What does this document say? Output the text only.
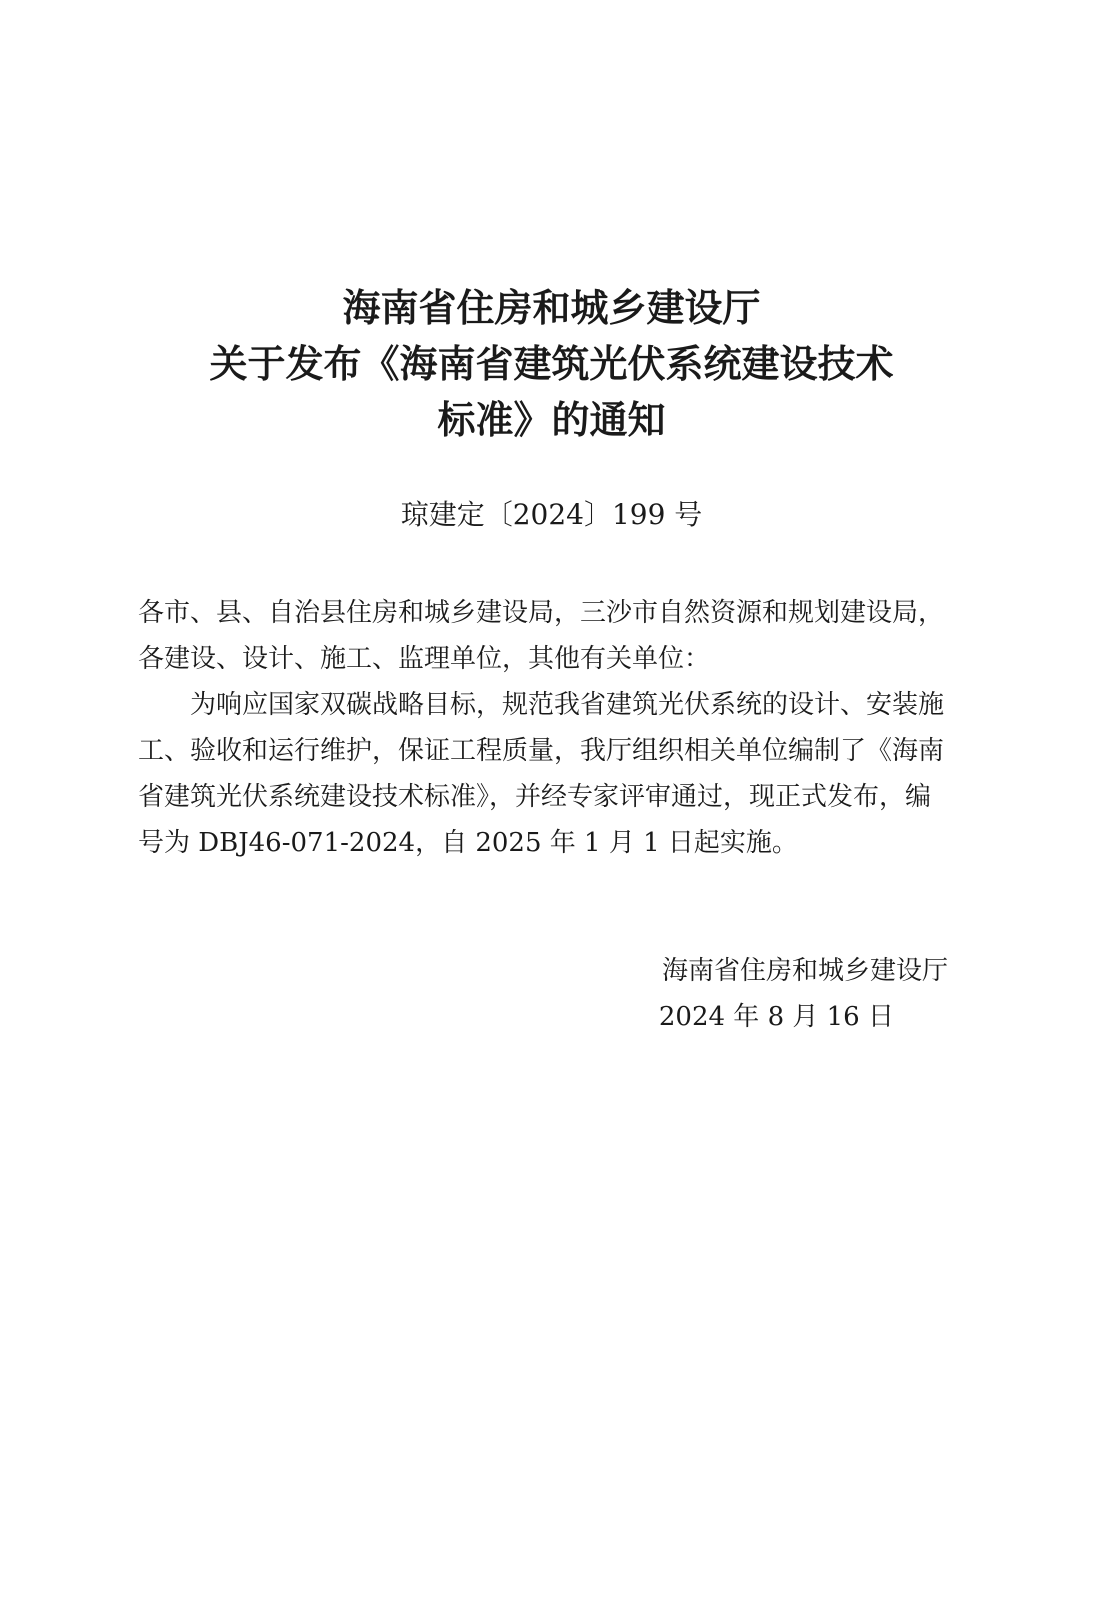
海南省住房和城乡建设厅
关于发布《海南省建筑光伏系统建设技术
标准》的通知
琼建定〔2024〕199 号
各市、县、自治县住房和城乡建设局，三沙市自然资源和规划建设局，各建设、设计、施工、监理单位，其他有关单位：
为响应国家双碳战略目标，规范我省建筑光伏系统的设计、安装施工、验收和运行维护，保证工程质量，我厅组织相关单位编制了《海南省建筑光伏系统建设技术标准》，并经专家评审通过，现正式发布，编号为 DBJ46-071-2024，自 2025 年 1 月 1 日起实施。
海南省住房和城乡建设厅
2024 年 8 月 16 日
